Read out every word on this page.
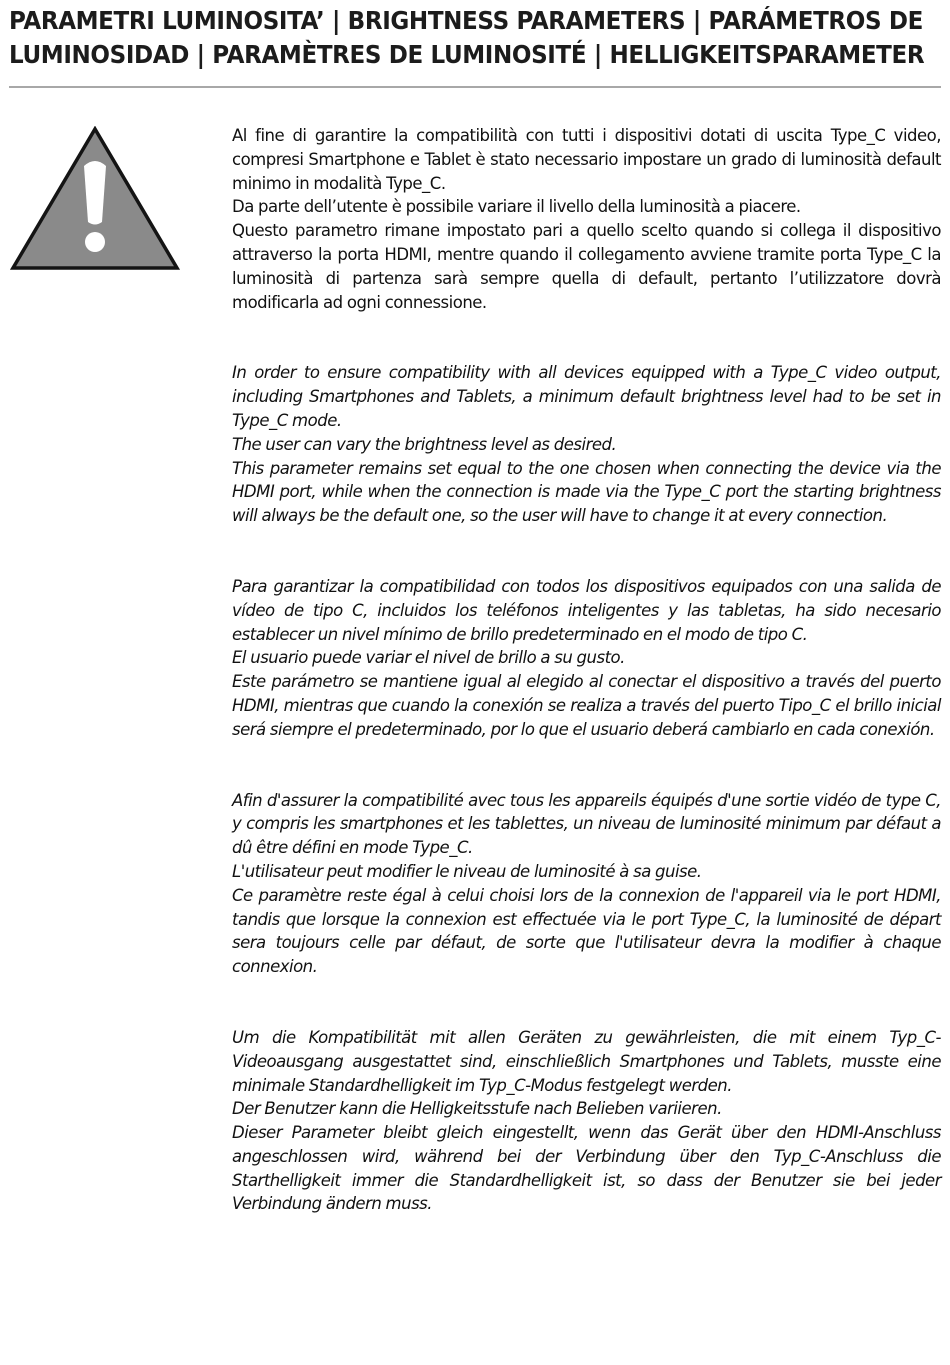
PARAMETRI LUMINOSITA’ | BRIGHTNESS PARAMETERS | PARÁMETROS DE
LUMINOSIDAD | PARAMÈTRES DE LUMINOSITÉ | HELLIGKEITSPARAMETER

Al fine di garantire la compatibilità con tutti i dispositivi dotati di uscita Type_C video, compresi Smartphone e Tablet è stato necessario impostare un grado di luminosità default minimo in modalità Type_C.

Da parte dell’utente è possibile variare il livello della luminosità a piacere.

Questo parametro rimane impostato pari a quello scelto quando si collega il dispositivo attraverso la porta HDMI, mentre quando il collegamento avviene tramite porta Type_C la luminosità di partenza sarà sempre quella di default, pertanto l’utilizzatore dovrà modificarla ad ogni connessione.

In order to ensure compatibility with all devices equipped with a Type_C video output, including Smartphones and Tablets, a minimum default brightness level had to be set in Type_C mode.

The user can vary the brightness level as desired.

This parameter remains set equal to the one chosen when connecting the device via the HDMI port, while when the connection is made via the Type_C port the starting brightness will always be the default one, so the user will have to change it at every connection.

Para garantizar la compatibilidad con todos los dispositivos equipados con una salida de vídeo de tipo C, incluidos los teléfonos inteligentes y las tabletas, ha sido necesario establecer un nivel mínimo de brillo predeterminado en el modo de tipo C.

El usuario puede variar el nivel de brillo a su gusto.

Este parámetro se mantiene igual al elegido al conectar el dispositivo a través del puerto HDMI, mientras que cuando la conexión se realiza a través del puerto Tipo_C el brillo inicial será siempre el predeterminado, por lo que el usuario deberá cambiarlo en cada conexión.

Afin d'assurer la compatibilité avec tous les appareils équipés d'une sortie vidéo de type C, y compris les smartphones et les tablettes, un niveau de luminosité minimum par défaut a dû être défini en mode Type_C.

L'utilisateur peut modifier le niveau de luminosité à sa guise.

Ce paramètre reste égal à celui choisi lors de la connexion de l'appareil via le port HDMI, tandis que lorsque la connexion est effectuée via le port Type_C, la luminosité de départ sera toujours celle par défaut, de sorte que l'utilisateur devra la modifier à chaque connexion.

Um die Kompatibilität mit allen Geräten zu gewährleisten, die mit einem Typ_C-Videoausgang ausgestattet sind, einschließlich Smartphones und Tablets, musste eine minimale Standardhelligkeit im Typ_C-Modus festgelegt werden.

Der Benutzer kann die Helligkeitsstufe nach Belieben variieren.

Dieser Parameter bleibt gleich eingestellt, wenn das Gerät über den HDMI-Anschluss angeschlossen wird, während bei der Verbindung über den Typ_C-Anschluss die Starthelligkeit immer die Standardhelligkeit ist, so dass der Benutzer sie bei jeder Verbindung ändern muss.
